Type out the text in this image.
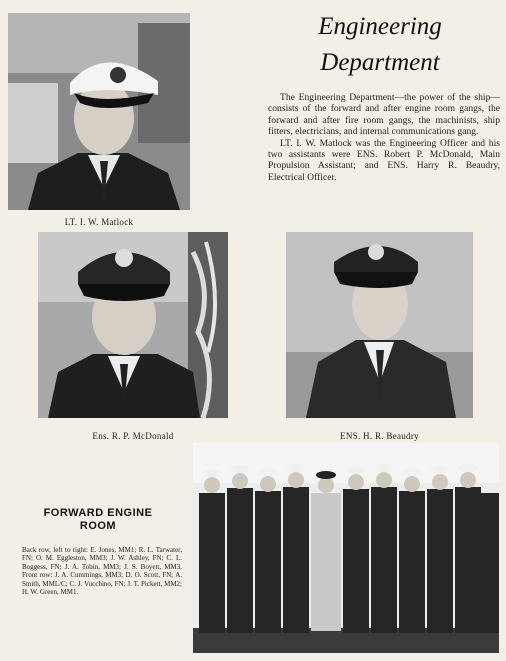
LT. I. W. Matlock
Engineering
Department

The Engineering Department—the power of the ship—consists of the forward and after engine room gangs, the forward and after fire room gangs, the machinists, ship fitters, electricians, and internal communications gang.

LT. I. W. Matlock was the Engineering Officer and his two assistants were ENS. Robert P. McDonald, Main Propulsion Assistant; and ENS. Harry R. Beaudry, Electrical Officer.

Ens. R. P. McDonald	ENS. H. R. Beaudry
FORWARD ENGINE
ROOM
Back row, left to right: E. Jones, MM1; R. L. Tarwater, FN; O. M. Eggleston, MM3; J. W. Ashley, FN; C. L. Boggess, FN; J. A. Tobin, MM3; J. S. Boyett, MM3. Front row: J. A. Cummings, MM3; D. O. Scott, FN; A. Smith, MML/C; C. J. Vucchino, FN; J. T. Pickett, MM2; H. W. Green, MM1.
